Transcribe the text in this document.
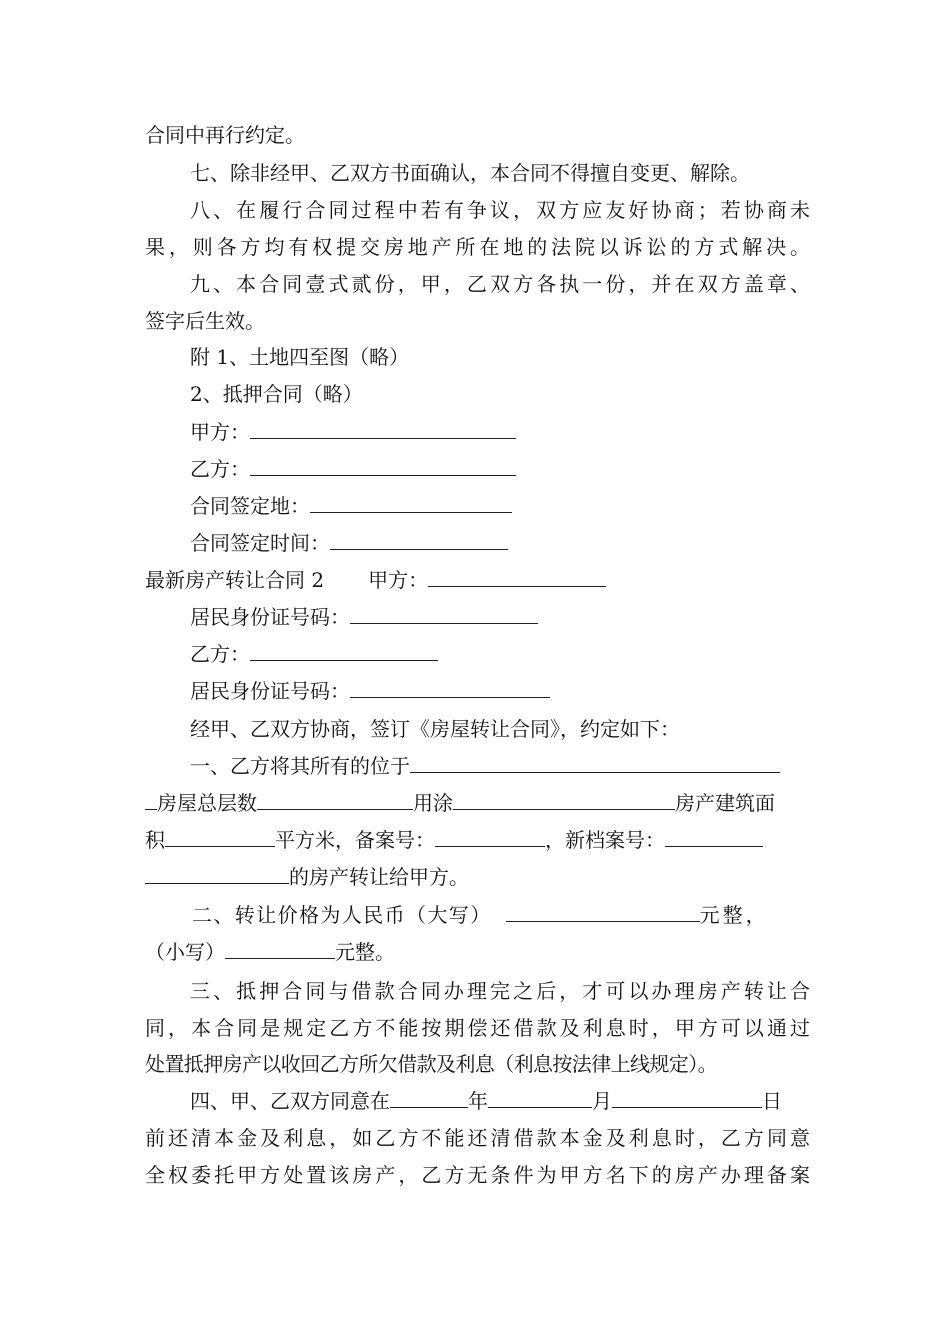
合同中再行约定。
七、除非经甲、乙双方书面确认，本合同不得擅自变更、解除。
八、在履行合同过程中若有争议，双方应友好协商；若协商未
果，则各方均有权提交房地产所在地的法院以诉讼的方式解决。
九、本合同壹式贰份，甲，乙双方各执一份，并在双方盖章、
签字后生效。
附 1、土地四至图（略）
2、抵押合同（略）
甲方：
乙方：
合同签定地：
合同签定时间：
最新房产转让合同 2 甲方：
居民身份证号码：
乙方：
居民身份证号码：
经甲、乙双方协商，签订《房屋转让合同》，约定如下：
一、乙方将其所有的位于
房屋总层数	用涂	房产建筑面
积	平方米，备案号：	，新档案号：
的房产转让给甲方。
二、转让价格为人民币（大写）	元整，
（小写）	元整。
三、抵押合同与借款合同办理完之后，才可以办理房产转让合
同，本合同是规定乙方不能按期偿还借款及利息时，甲方可以通过
处置抵押房产以收回乙方所欠借款及利息（利息按法律上线规定）。
四、甲、乙双方同意在	年	月	日
前还清本金及利息，如乙方不能还清借款本金及利息时，乙方同意
全权委托甲方处置该房产，乙方无条件为甲方名下的房产办理备案
